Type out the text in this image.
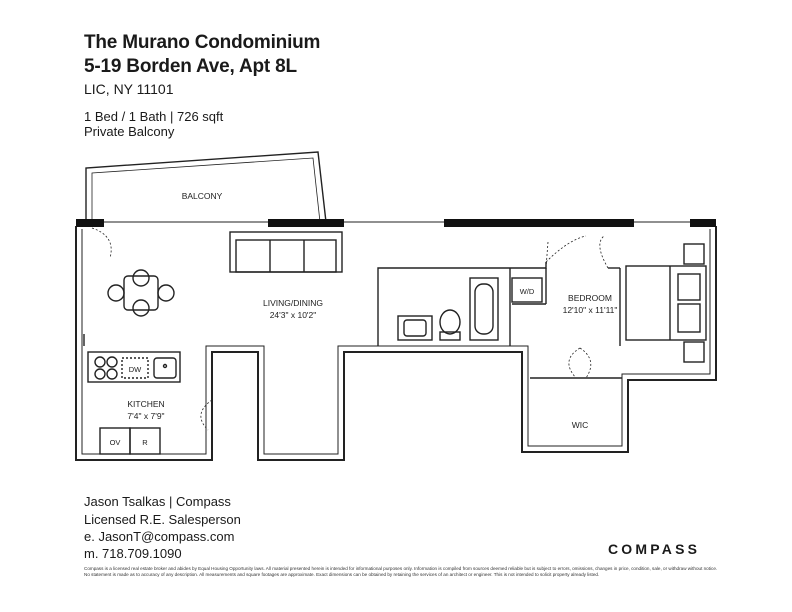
The Murano Condominium
5-19 Borden Ave, Apt 8L
LIC, NY 11101
1 Bed / 1 Bath | 726 sqft
Private Balcony
BALCONY
LIVING/DINING
24'3" x 10'2"
BEDROOM
12'10" x 11'11"
KITCHEN
7'4" x 7'9"
WIC
W/D
DW
OV	R
Jason Tsalkas | Compass
Licensed R.E. Salesperson
e. JasonT@compass.com
m. 718.709.1090	COMPASS
Compass is a licensed real estate broker and abides by Equal Housing Opportunity laws. All material presented herein is intended for informational purposes only. Information is compiled from sources deemed reliable but is subject to errors, omissions, changes in price, condition, sale, or withdraw without notice. No statement is made as to accuracy of any description. All measurements and square footages are approximate. Exact dimensions can be obtained by retaining the services of an architect or engineer. This is not intended to solicit property already listed.
